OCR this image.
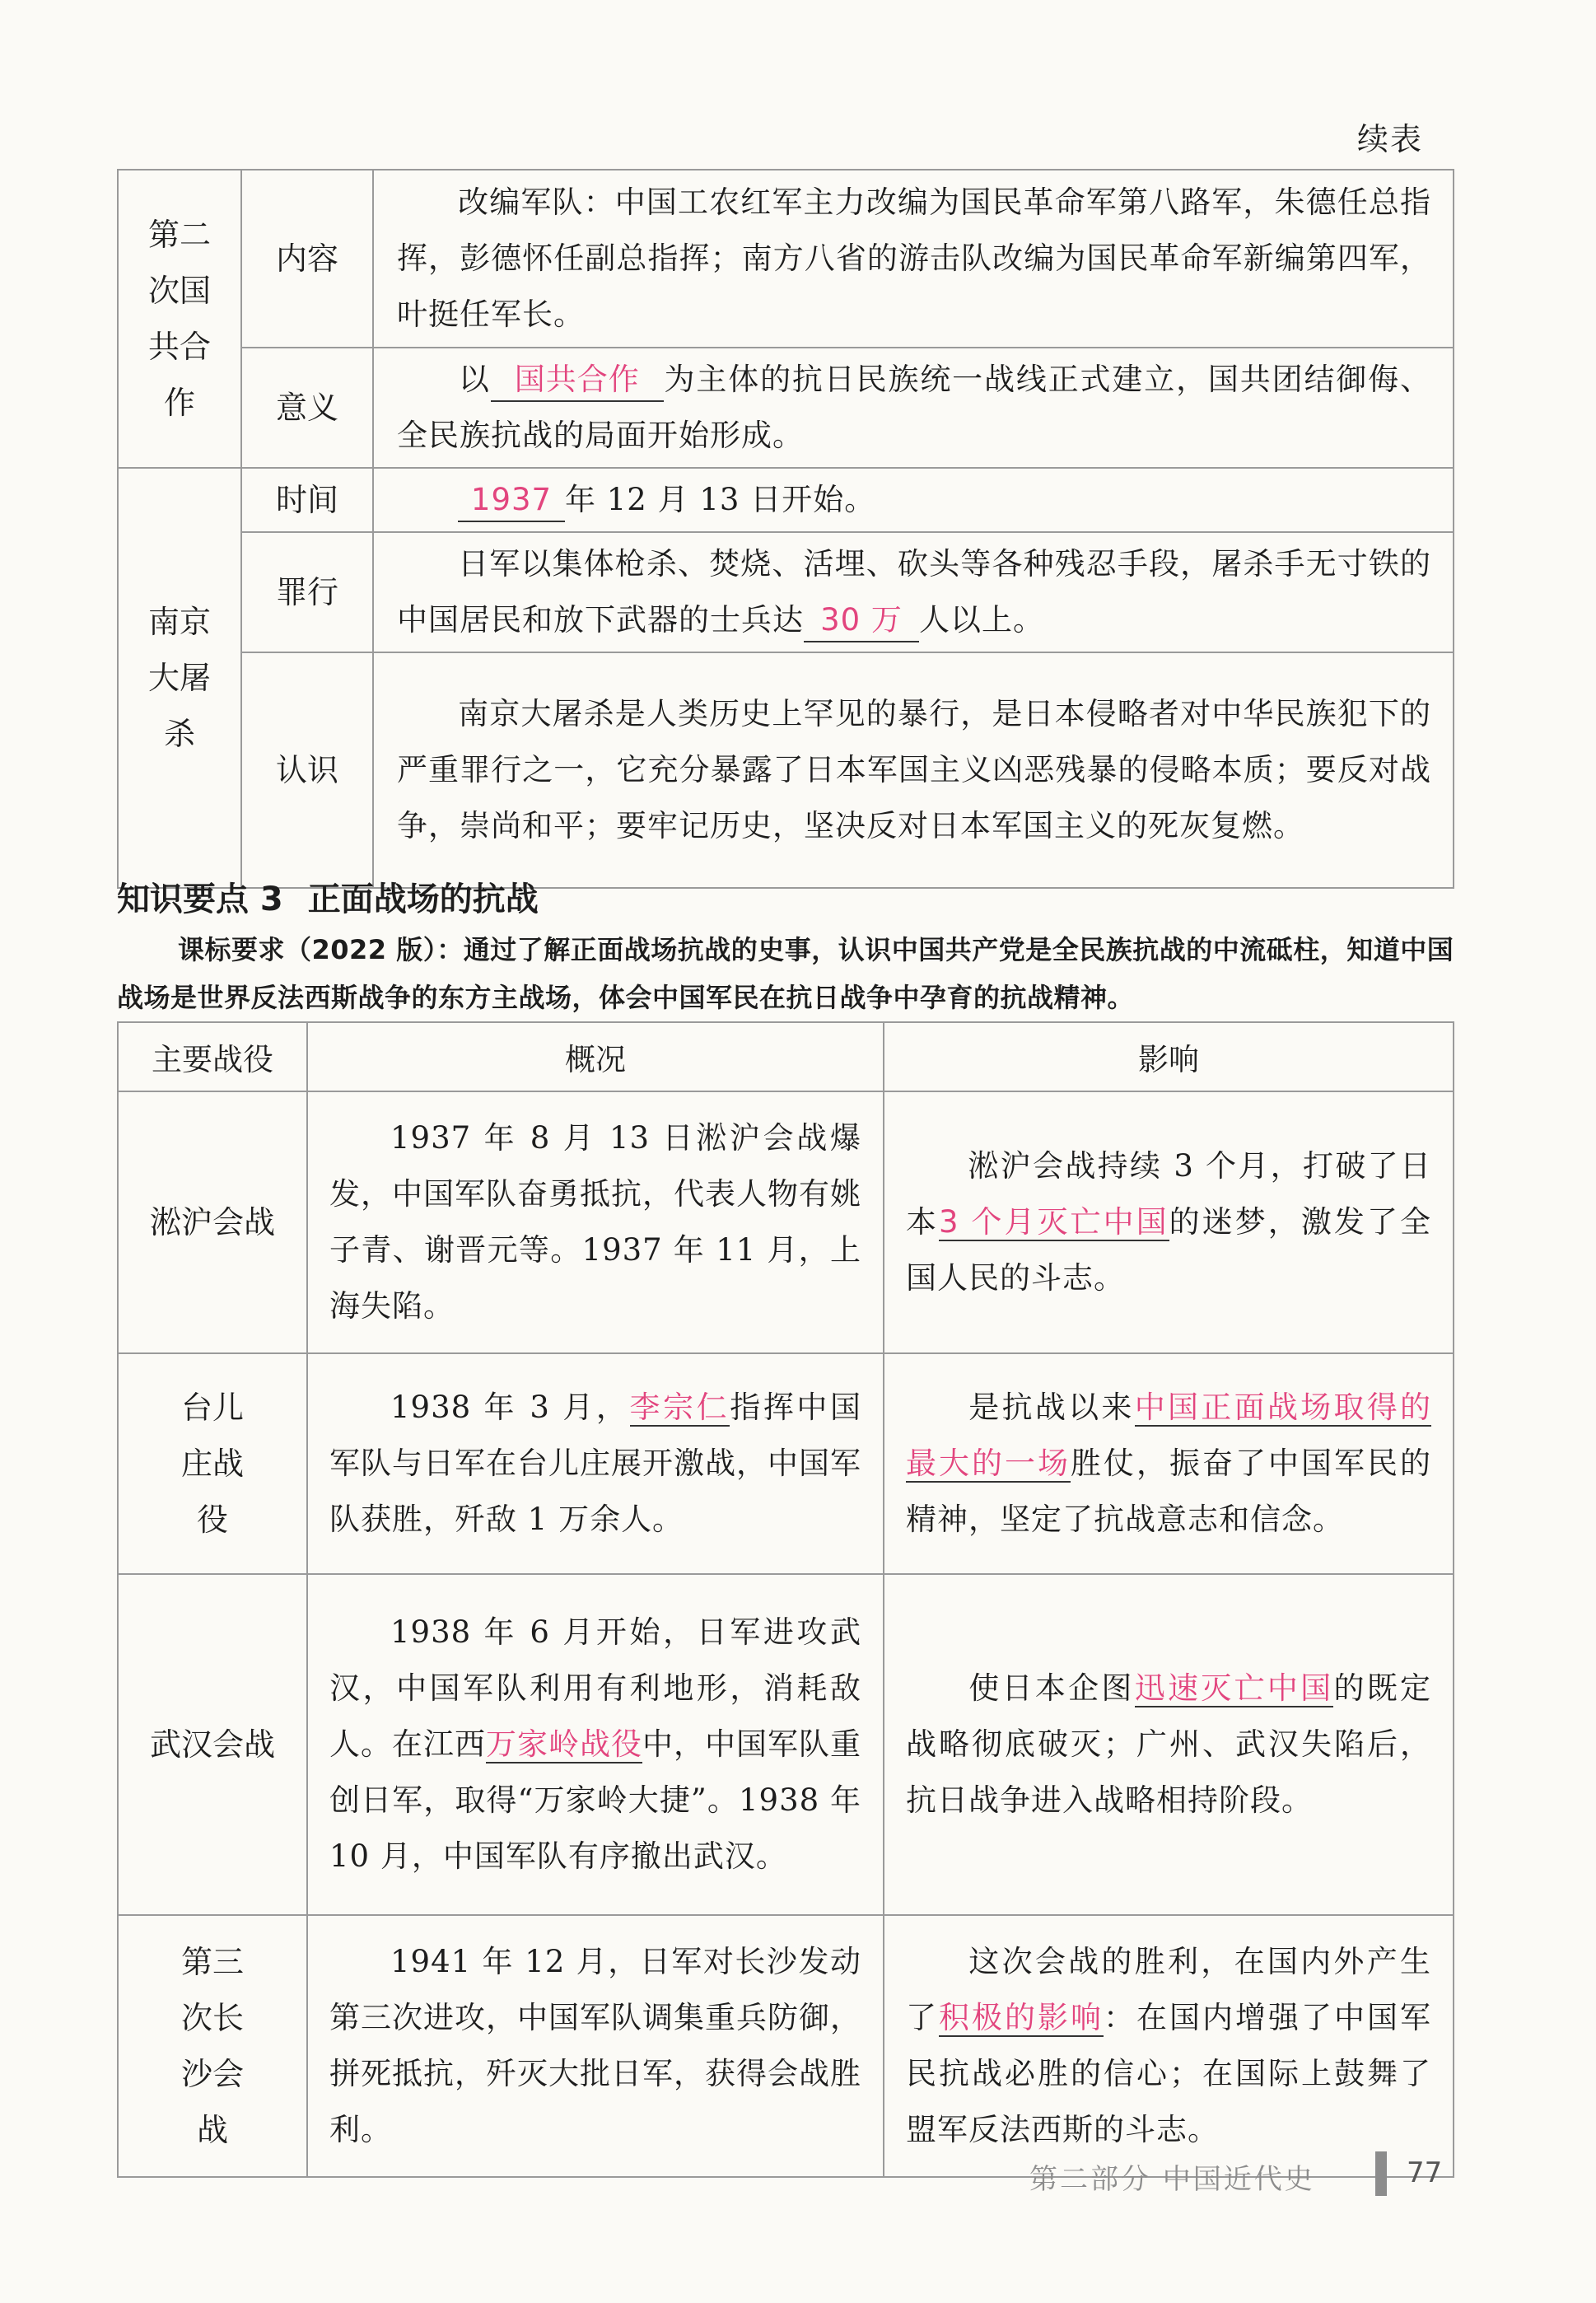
续表
第二次国共合作	内容	改编军队：中国工农红军主力改编为国民革命军第八路军，朱德任总指挥，彭德怀任副总指挥；南方八省的游击队改编为国民革命军新编第四军，叶挺任军长。
	意义	以 国共合作 为主体的抗日民族统一战线正式建立，国共团结御侮、全民族抗战的局面开始形成。

南京大屠杀	时间	1937 年 12 月 13 日开始。
	罪行	日军以集体枪杀、焚烧、活埋、砍头等各种残忍手段，屠杀手无寸铁的中国居民和放下武器的士兵达 30 万 人以上。
	认识	南京大屠杀是人类历史上罕见的暴行，是日本侵略者对中华民族犯下的严重罪行之一，它充分暴露了日本军国主义凶恶残暴的侵略本质；要反对战争，崇尚和平；要牢记历史，坚决反对日本军国主义的死灰复燃。
知识要点 3 正面战场的抗战
课标要求（2022 版）：通过了解正面战场抗战的史事，认识中国共产党是全民族抗战的中流砥柱，知道中国战场是世界反法西斯战争的东方主战场，体会中国军民在抗日战争中孕育的抗战精神。
主要战役	概况	影响
淞沪会战	1937 年 8 月 13 日淞沪会战爆发，中国军队奋勇抵抗，代表人物有姚子青、谢晋元等。1937 年 11 月，上海失陷。	淞沪会战持续 3 个月，打破了日本3 个月灭亡中国的迷梦，激发了全国人民的斗志。

台儿庄战役	1938 年 3 月，李宗仁指挥中国军队与日军在台儿庄展开激战，中国军队获胜，歼敌 1 万余人。	是抗战以来中国正面战场取得的最大的一场胜仗，振奋了中国军民的精神，坚定了抗战意志和信念。
武汉会战	1938 年 6 月开始，日军进攻武汉，中国军队利用有利地形，消耗敌人。在江西万家岭战役中，中国军队重创日军，取得“万家岭大捷”。1938 年 10 月，中国军队有序撤出武汉。	使日本企图迅速灭亡中国的既定战略彻底破灭；广州、武汉失陷后，抗日战争进入战略相持阶段。

第三次长沙会战	1941 年 12 月，日军对长沙发动第三次进攻，中国军队调集重兵防御，拼死抵抗，歼灭大批日军，获得会战胜利。	这次会战的胜利，在国内外产生了积极的影响：在国内增强了中国军民抗战必胜的信心；在国际上鼓舞了盟军反法西斯的斗志。
第二部分 中国近代史	77
